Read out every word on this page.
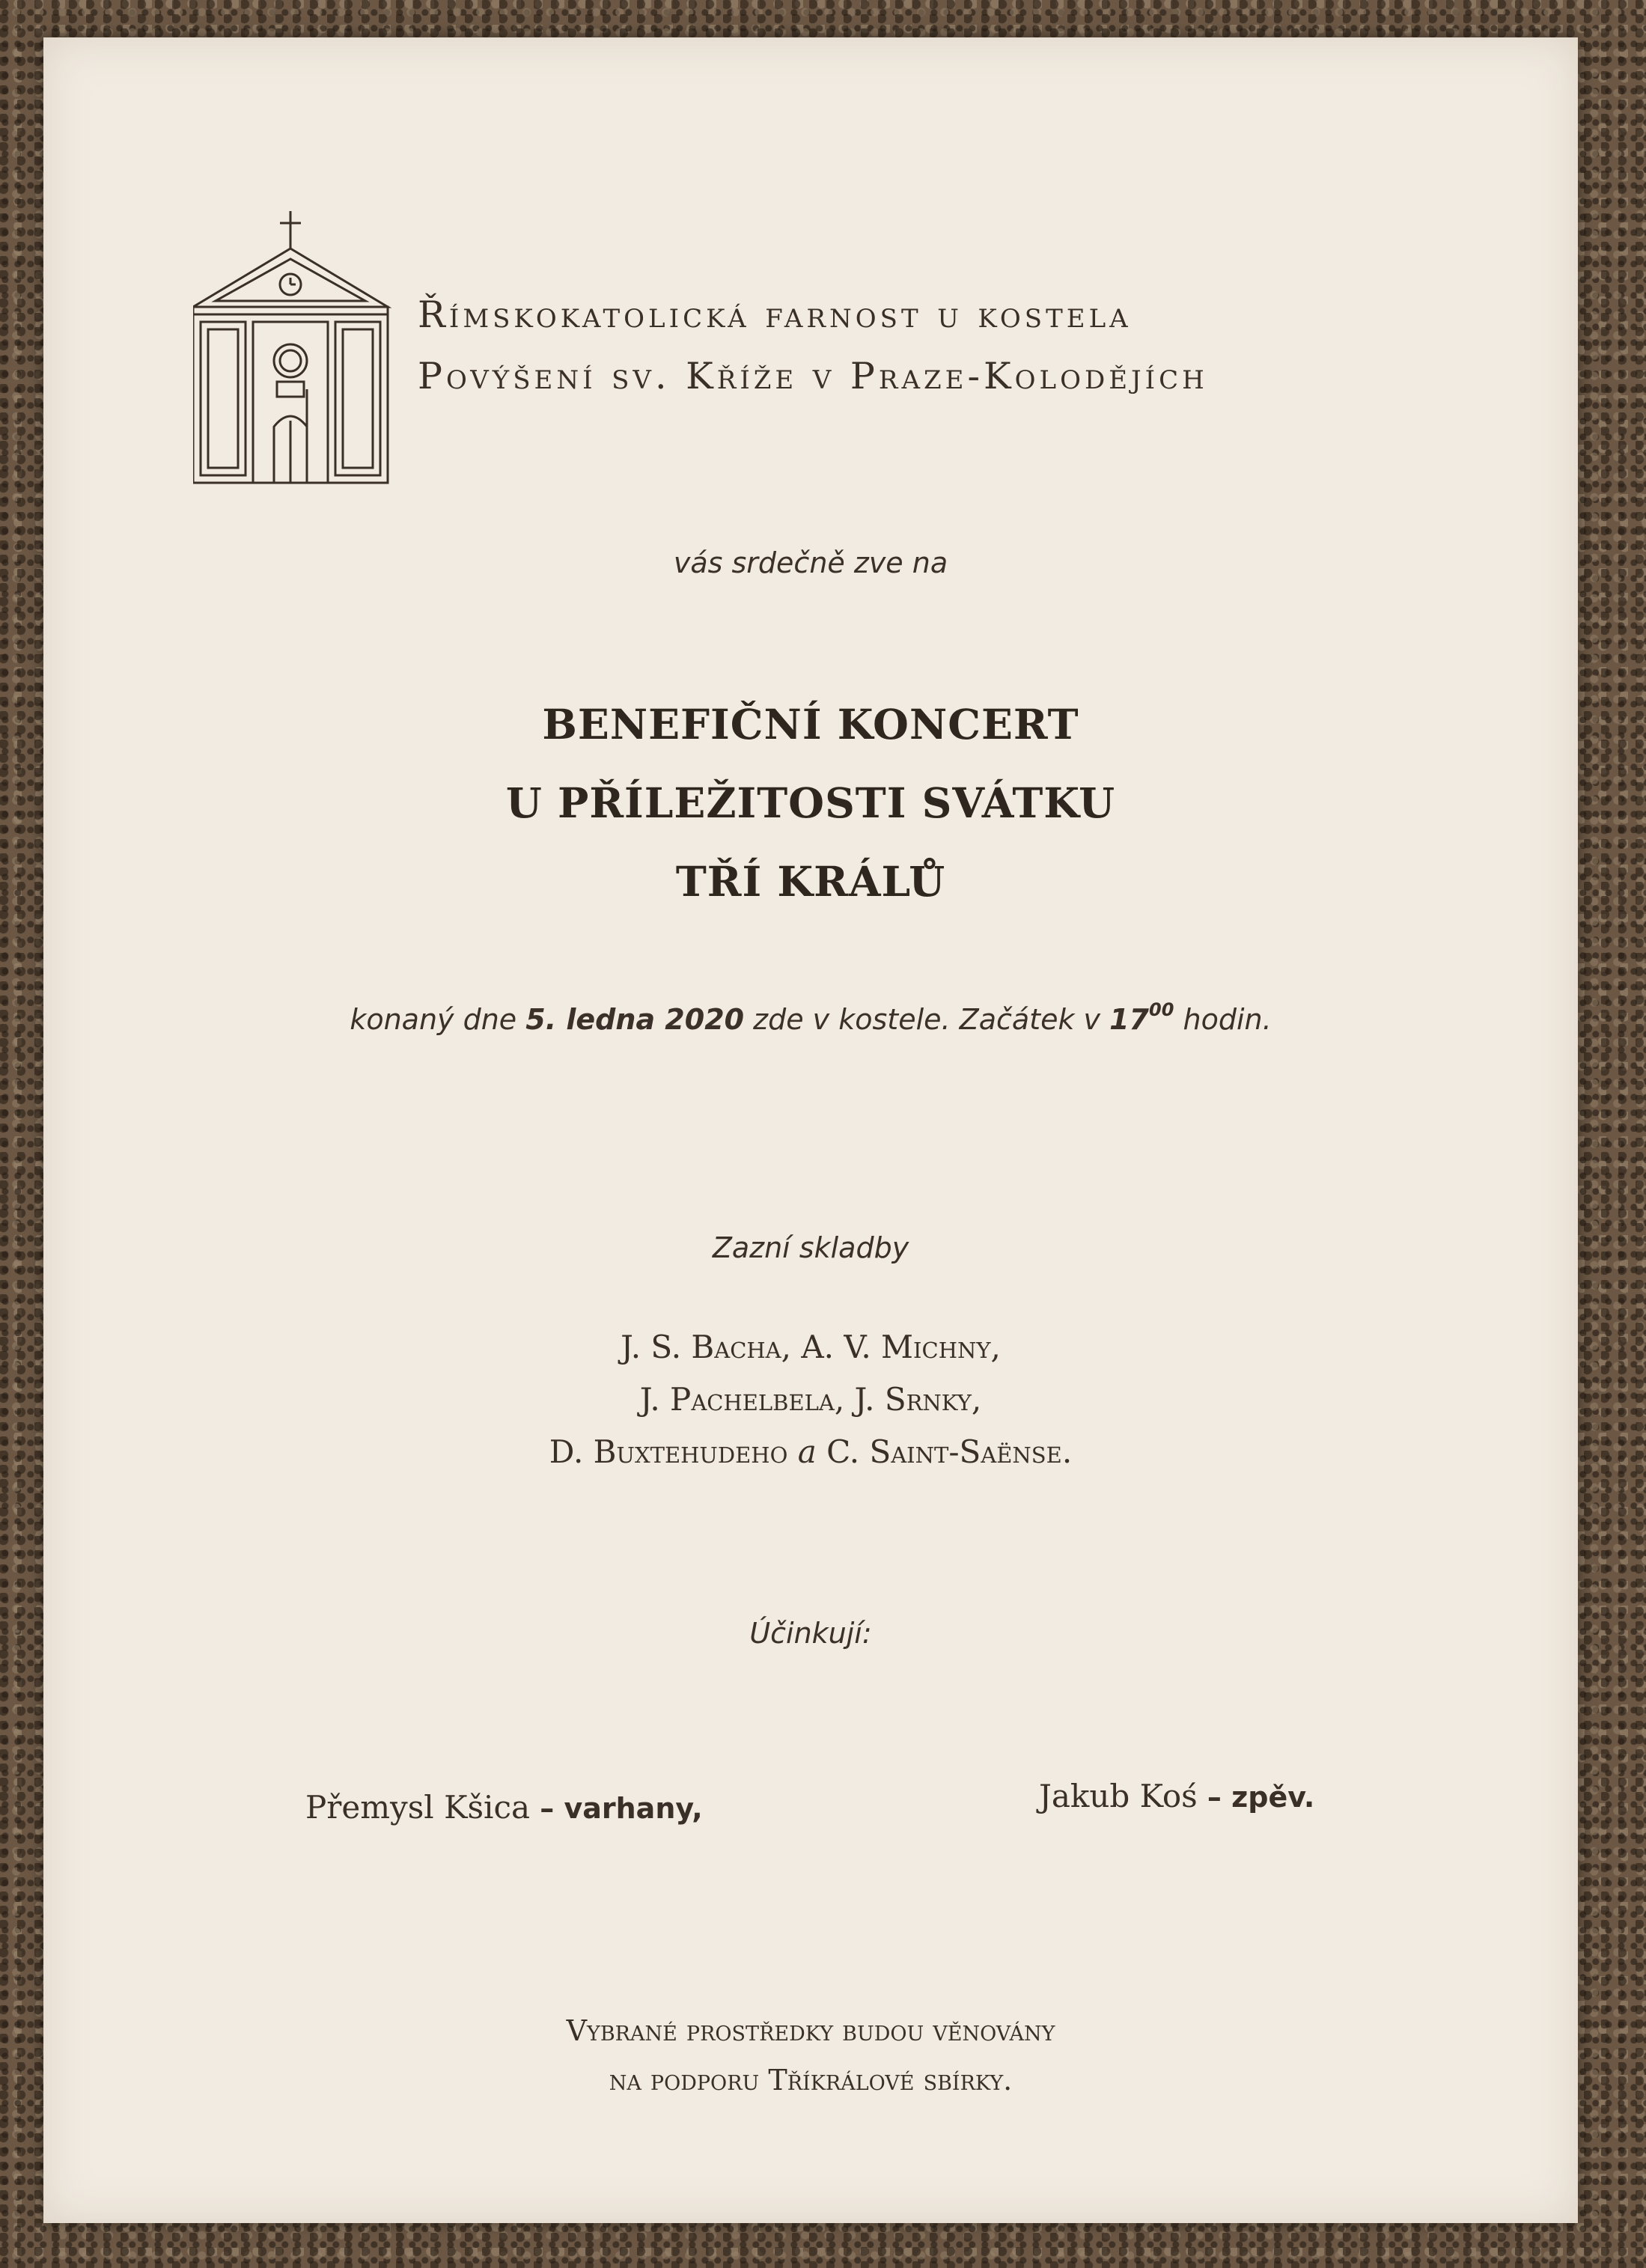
Římskokatolická farnost u kostela
Povýšení sv. Kříže v Praze-Kolodějích
vás srdečně zve na
BENEFIČNÍ KONCERT
U PŘÍLEŽITOSTI SVÁTKU
TŘÍ KRÁLŮ
konaný dne 5. ledna 2020 zde v kostele. Začátek v $17^{00}$ hodin.
Zazní skladby
J. S. Bacha, A. V. Michny,
J. Pachelbela, J. Srnky,
D. Buxtehudeho a C. Saint-Saënse.
Účinkují:
Přemysl Kšica – varhany,	Jakub Koś – zpěv.
Vybrané prostředky budou věnovány
na podporu Tříkrálové sbírky.
